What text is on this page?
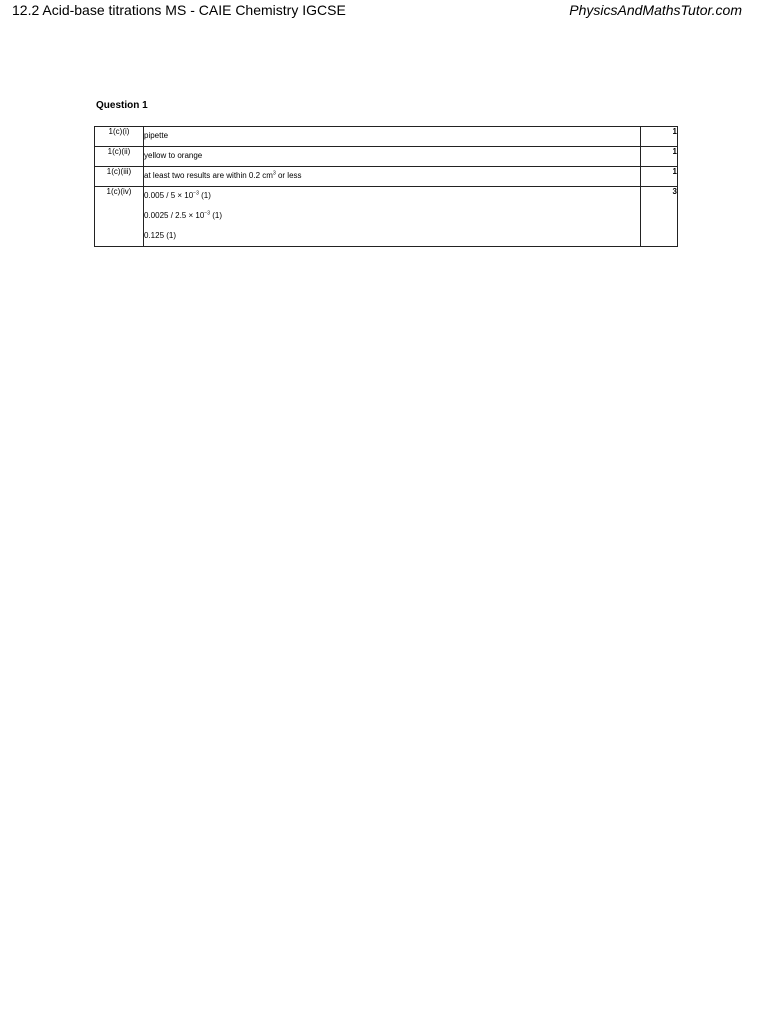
12.2 Acid-base titrations MS - CAIE Chemistry IGCSE	PhysicsAndMathsTutor.com
Question 1
1(c)(i)	pipette	1
1(c)(ii)	yellow to orange	1
1(c)(iii)	at least two results are within 0.2 $cm^3$ or less	1
1(c)(iv)	$0.005 / 5 \times 10^{-3}$ (1)
$0.0025 / 2.5 \times 10^{-3}$ (1)
0.125 (1)	3
